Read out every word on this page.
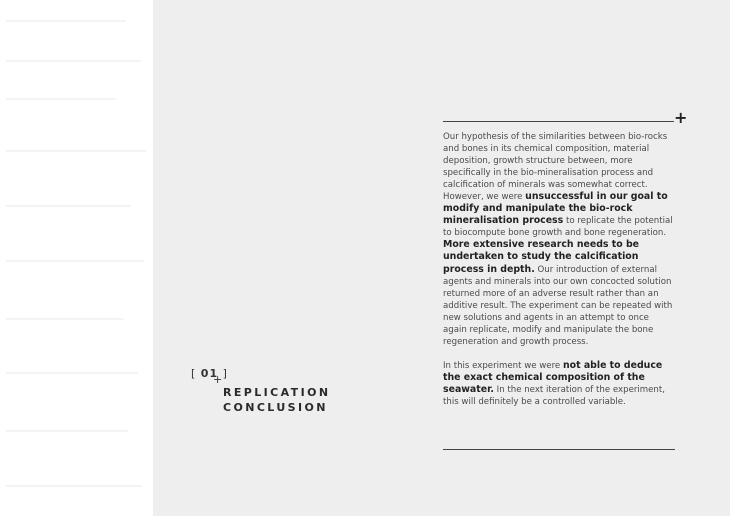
[ 01 ]
+
REPLICATION
CONCLUSION
+

Our hypothesis of the similarities between bio-rocks and bones in its chemical composition, material deposition, growth structure between, more specifically in the bio-mineralisation process and calcification of minerals was somewhat correct. However, we were unsuccessful in our goal to modify and manipulate the bio-rock mineralisation process to replicate the potential to biocompute bone growth and bone regeneration. More extensive research needs to be undertaken to study the calcification process in depth. Our introduction of external agents and minerals into our own concocted solution returned more of an adverse result rather than an additive result. The experiment can be repeated with new solutions and agents in an attempt to once again replicate, modify and manipulate the bone regeneration and growth process.

In this experiment we were not able to deduce the exact chemical composition of the seawater. In the next iteration of the experiment, this will definitely be a controlled variable.
